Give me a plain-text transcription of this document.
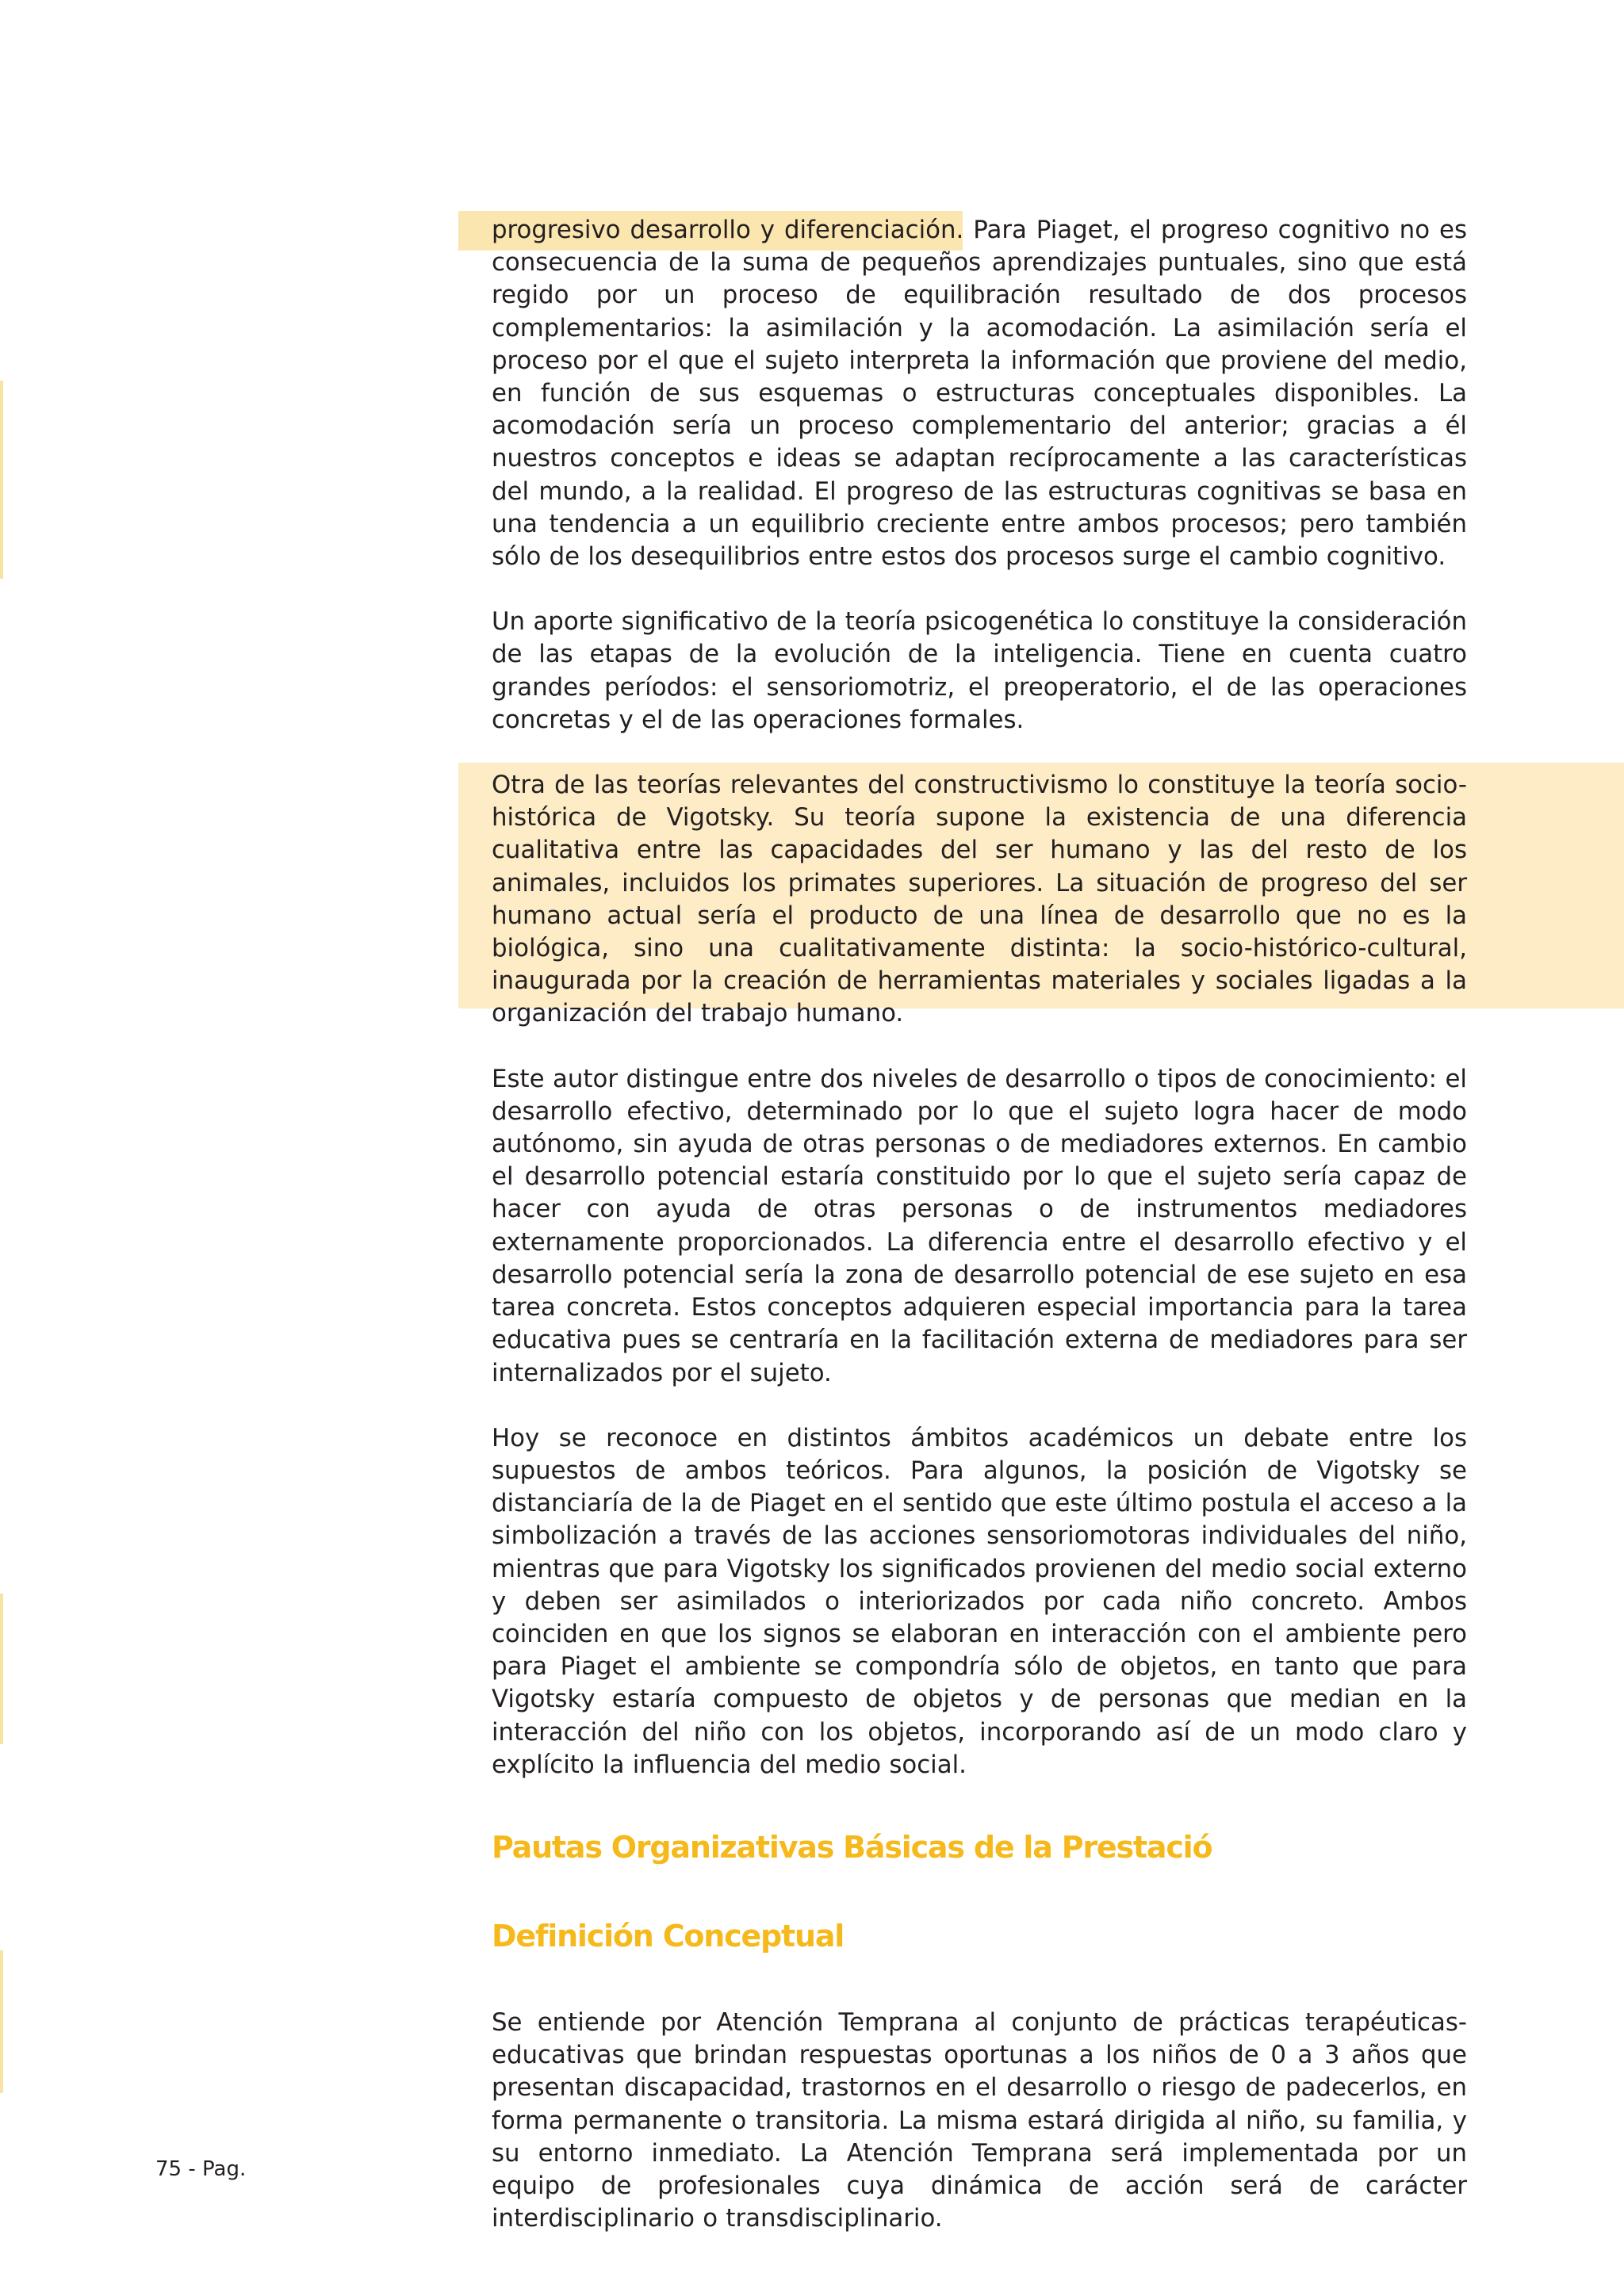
progresivo desarrollo y diferenciación. Para Piaget, el progreso cognitivo no es consecuencia de la suma de pequeños aprendizajes puntuales, sino que está regido por un proceso de equilibración resultado de dos procesos complementarios: la asimilación y la acomodación. La asimilación sería el proceso por el que el sujeto interpreta la información que proviene del medio, en función de sus esquemas o estructuras conceptuales disponibles. La acomodación sería un proceso complementario del anterior; gracias a él nuestros conceptos e ideas se adaptan recíprocamente a las características del mundo, a la realidad. El progreso de las estructuras cognitivas se basa en una tendencia a un equilibrio creciente entre ambos procesos; pero también sólo de los desequilibrios entre estos dos procesos surge el cambio cognitivo.

Un aporte significativo de la teoría psicogenética lo constituye la consideración de las etapas de la evolución de la inteligencia. Tiene en cuenta cuatro grandes períodos: el sensoriomotriz, el preoperatorio, el de las operaciones concretas y el de las operaciones formales.

Otra de las teorías relevantes del constructivismo lo constituye la teoría socio-histórica de Vigotsky. Su teoría supone la existencia de una diferencia cualitativa entre las capacidades del ser humano y las del resto de los animales, incluidos los primates superiores. La situación de progreso del ser humano actual sería el producto de una línea de desarrollo que no es la biológica, sino una cualitativamente distinta: la socio-histórico-cultural, inaugurada por la creación de herramientas materiales y sociales ligadas a la organización del trabajo humano.

Este autor distingue entre dos niveles de desarrollo o tipos de conocimiento: el desarrollo efectivo, determinado por lo que el sujeto logra hacer de modo autónomo, sin ayuda de otras personas o de mediadores externos. En cambio el desarrollo potencial estaría constituido por lo que el sujeto sería capaz de hacer con ayuda de otras personas o de instrumentos mediadores externamente proporcionados. La diferencia entre el desarrollo efectivo y el desarrollo potencial sería la zona de desarrollo potencial de ese sujeto en esa tarea concreta. Estos conceptos adquieren especial importancia para la tarea educativa pues se centraría en la facilitación externa de mediadores para ser internalizados por el sujeto.

Hoy se reconoce en distintos ámbitos académicos un debate entre los supuestos de ambos teóricos. Para algunos, la posición de Vigotsky se distanciaría de la de Piaget en el sentido que este último postula el acceso a la simbolización a través de las acciones sensoriomotoras individuales del niño, mientras que para Vigotsky los significados provienen del medio social externo y deben ser asimilados o interiorizados por cada niño concreto. Ambos coinciden en que los signos se elaboran en interacción con el ambiente pero para Piaget el ambiente se compondría sólo de objetos, en tanto que para Vigotsky estaría compuesto de objetos y de personas que median en la interacción del niño con los objetos, incorporando así de un modo claro y explícito la influencia del medio social.

Pautas Organizativas Básicas de la Prestació
Definición Conceptual

Se entiende por Atención Temprana al conjunto de prácticas terapéuticas-educativas que brindan respuestas oportunas a los niños de 0 a 3 años que presentan discapacidad, trastornos en el desarrollo o riesgo de padecerlos, en forma permanente o transitoria. La misma estará dirigida al niño, su familia, y su entorno inmediato. La Atención Temprana será implementada por un equipo de profesionales cuya dinámica de acción será de carácter interdisciplinario o transdisciplinario.

75 - Pag.
